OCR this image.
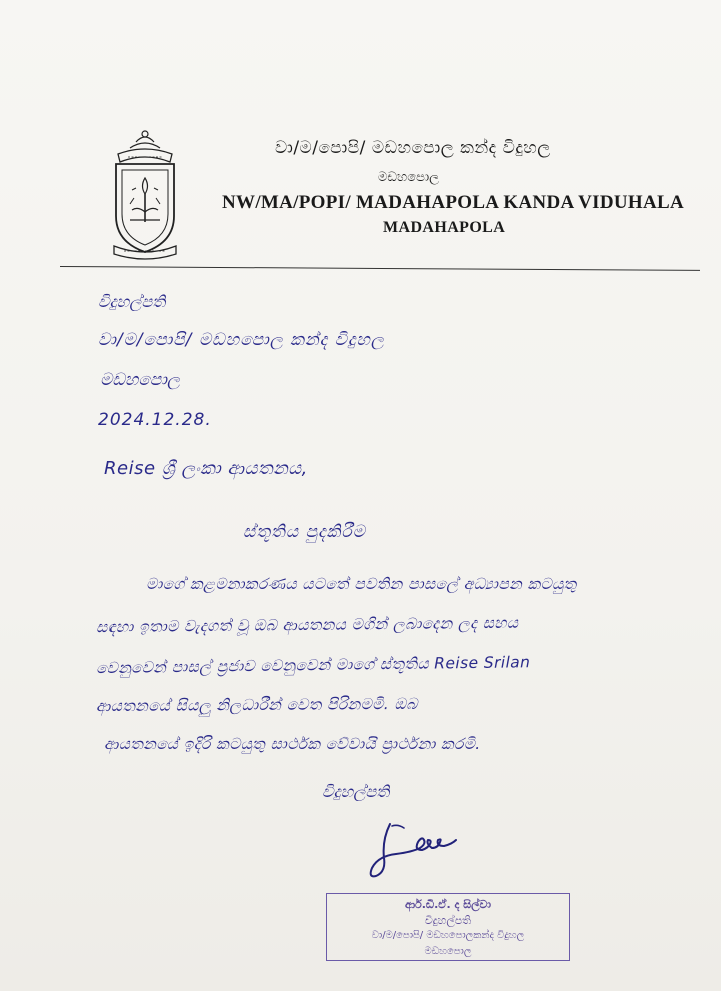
වා/ම/පොපි/ මඩහපොල කන්ද විදුහල
මඩහපොල
NW/MA/POPI/ MADAHAPOLA KANDA VIDUHALA
MADAHAPOLA
විදුහල්පති
වා/ම/පොපි/ මඩහපොල කන්ද විදුහල
මඩහපොල
2024.12.28.
Reise ශ්‍රී ලංකා ආයතනය,
ස්තූතිය පුදකිරීම
මාගේ කළමනාකරණය යටතේ පවතින පාසලේ අධ්‍යාපන කටයුතු
සඳහා ඉතාම වැදගත් වූ ඔබ ආයතනය මගින් ලබාදෙන ලද සහය
වෙනුවෙන් පාසල් ප්‍රජාව වෙනුවෙන් මාගේ ස්තූතිය Reise Srilan
ආයතනයේ සියලු නිලධාරීන් වෙත පිරිනමමි. ඔබ
ආයතනයේ ඉදිරි කටයුතු සාර්ථක වේවායි ප්‍රාර්ථනා කරමි.
විදුහල්පති
ආර්.ඩී.ඒ. ද සිල්වා
විදුහල්පති
වා/ම/පොපි/ මඩහපොලකන්ද විදුහල
මඩහපොල
